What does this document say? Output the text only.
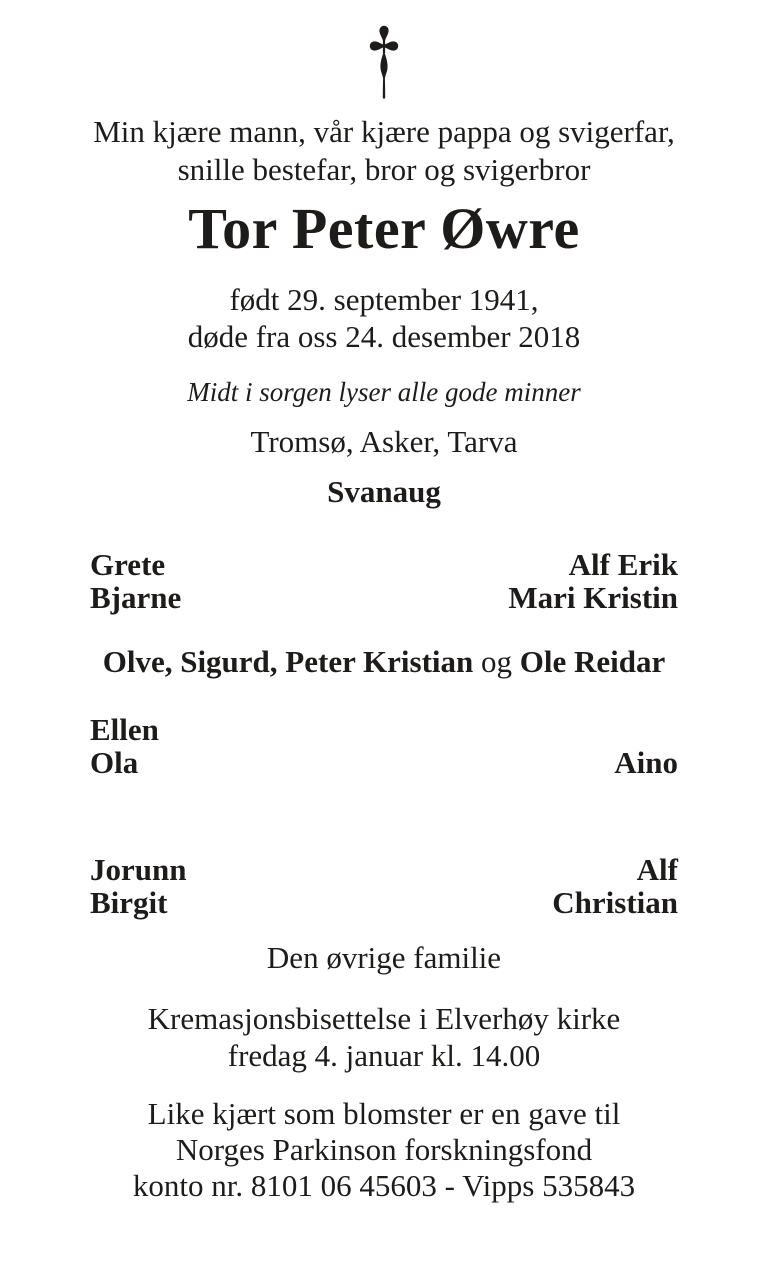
Min kjære mann, vår kjære pappa og svigerfar,
snille bestefar, bror og svigerbror
Tor Peter Øwre
født 29. september 1941,
døde fra oss 24. desember 2018
Midt i sorgen lyser alle gode minner
Tromsø, Asker, Tarva
Svanaug
Grete	Alf Erik
Bjarne	Mari Kristin
Olve, Sigurd, Peter Kristian og Ole Reidar
Ellen
Ola	Aino
Jorunn	Alf
Birgit	Christian
Den øvrige familie
Kremasjonsbisettelse i Elverhøy kirke
fredag 4. januar kl. 14.00
Like kjært som blomster er en gave til
Norges Parkinson forskningsfond
konto nr. 8101 06 45603 - Vipps 535843
